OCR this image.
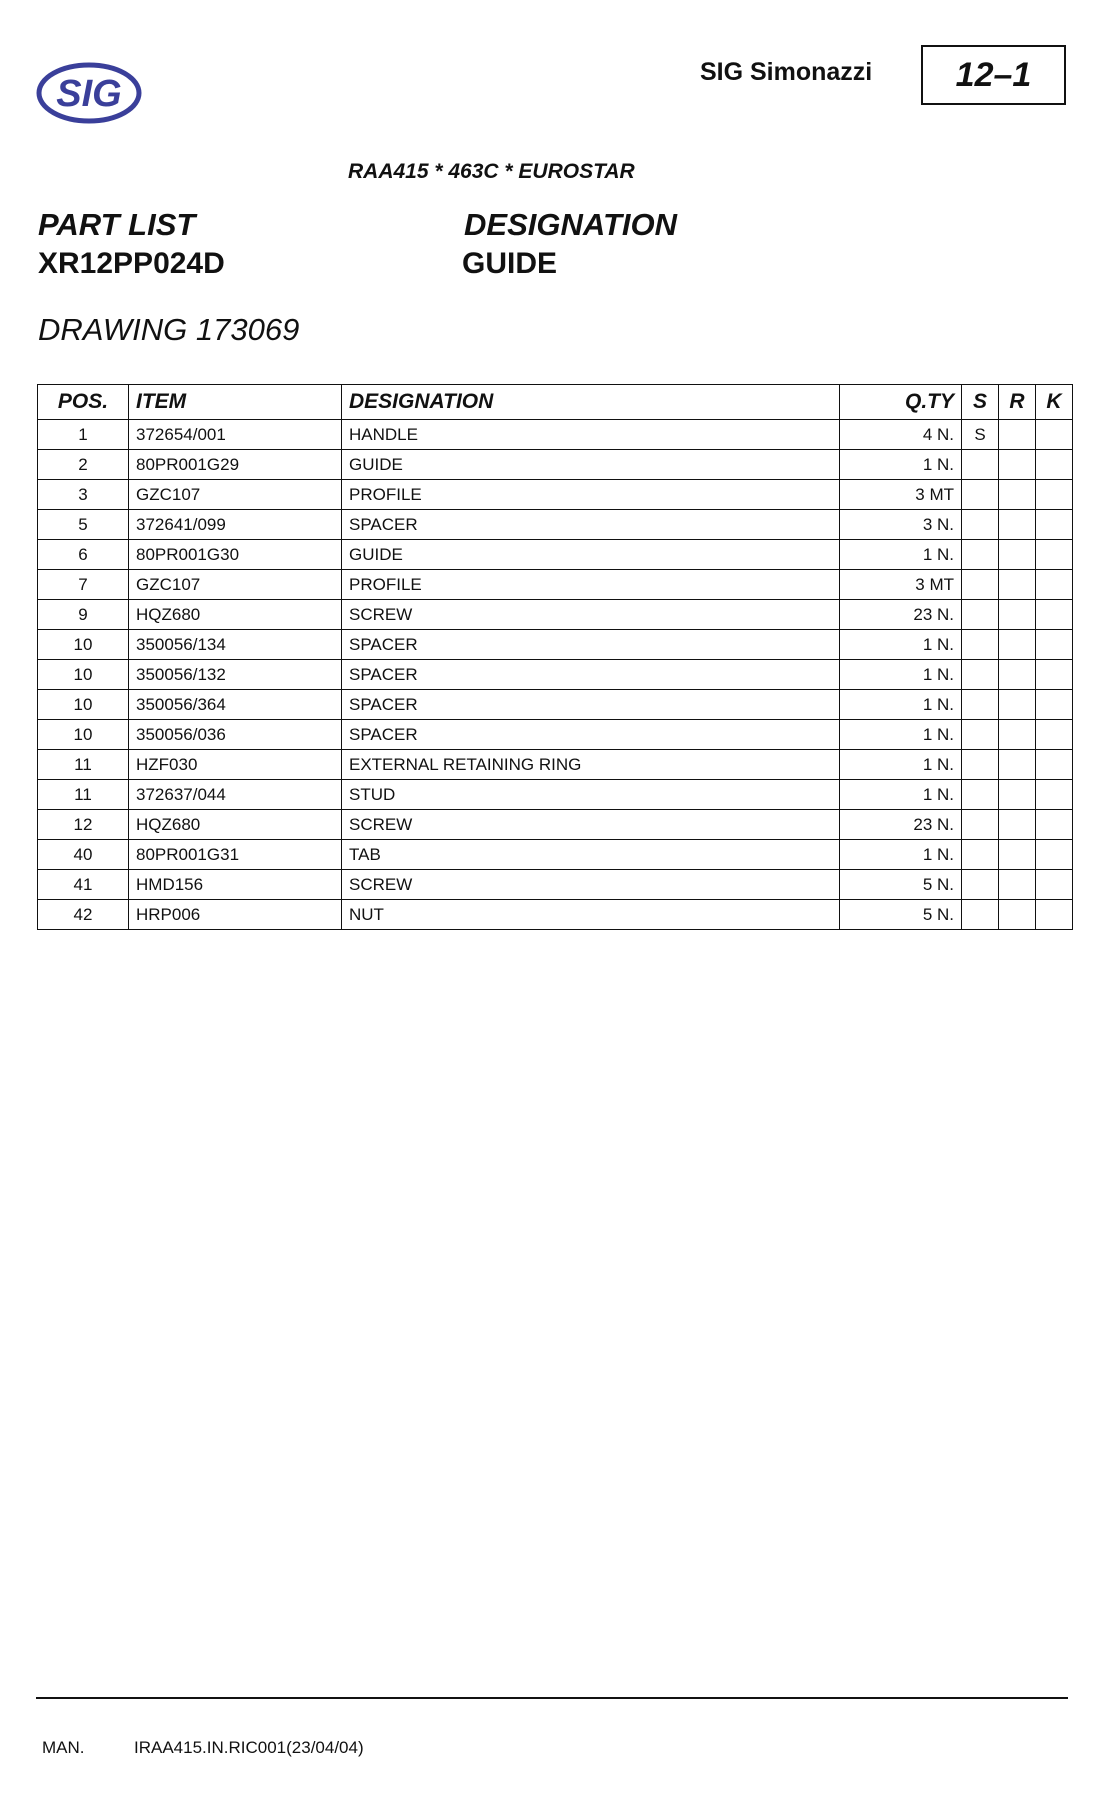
SIG
SIG Simonazzi	12–1
RAA415 * 463C * EUROSTAR
PART LIST	DESIGNATION
XR12PP024D	GUIDE
DRAWING 173069
POS.	ITEM	DESIGNATION	Q.TY	S	R	K
1	372654/001	HANDLE	4 N.	S		
2	80PR001G29	GUIDE	1 N.			
3	GZC107	PROFILE	3 MT			
5	372641/099	SPACER	3 N.			
6	80PR001G30	GUIDE	1 N.			
7	GZC107	PROFILE	3 MT			
9	HQZ680	SCREW	23 N.			
10	350056/134	SPACER	1 N.			
10	350056/132	SPACER	1 N.			
10	350056/364	SPACER	1 N.			
10	350056/036	SPACER	1 N.			
11	HZF030	EXTERNAL RETAINING RING	1 N.			
11	372637/044	STUD	1 N.			
12	HQZ680	SCREW	23 N.			
40	80PR001G31	TAB	1 N.			
41	HMD156	SCREW	5 N.			
42	HRP006	NUT	5 N.			
MAN.	IRAA415.IN.RIC001(23/04/04)
